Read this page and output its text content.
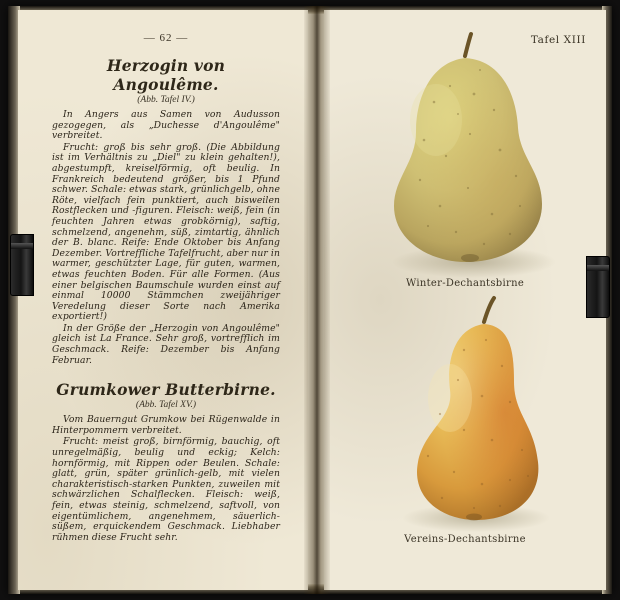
— 62 —
Herzogin von Angoulême.
(Abb. Tafel IV.)

In Angers aus Samen von Audusson gezogegen, als „Duchesse d'Angoulême" verbreitet.

Frucht: groß bis sehr groß. (Die Abbildung ist im Verhältnis zu „Diel" zu klein gehalten!), abgestumpft, kreiselförmig, oft beulig. In Frankreich bedeutend größer, bis 1 Pfund schwer. Schale: etwas stark, grünlichgelb, ohne Röte, vielfach fein punktiert, auch bisweilen Rostflecken und -figuren. Fleisch: weiß, fein (in feuchten Jahren etwas grobkörnig), saftig, schmelzend, angenehm, süß, zimtartig, ähnlich der B. blanc. Reife: Ende Oktober bis Anfang Dezember. Vortreffliche Tafelfrucht, aber nur in warmer, geschützter Lage, für guten, warmen, etwas feuchten Boden. Für alle Formen. (Aus einer belgischen Baumschule wurden einst auf einmal 10000 Stämmchen zweijähriger Veredelung dieser Sorte nach Amerika exportiert!)

In der Größe der „Herzogin von Angoulême" gleich ist La France. Sehr groß, vortrefflich im Geschmack. Reife: Dezember bis Anfang Februar.

Grumkower Butterbirne.
(Abb. Tafel XV.)

Vom Bauerngut Grumkow bei Rügenwalde in Hinterpommern verbreitet.

Frucht: meist groß, birnförmig, bauchig, oft unregelmäßig, beulig und eckig; Kelch: hornförmig, mit Rippen oder Beulen. Schale: glatt, grün, später grünlich-gelb, mit vielen charakteristisch-starken Punkten, zuweilen mit schwärzlichen Schalflecken. Fleisch: weiß, fein, etwas steinig, schmelzend, saftvoll, von eigentümlichem, angenehmem, säuerlich-süßem, erquickendem Geschmack. Liebhaber rühmen diese Frucht sehr.

Tafel XIII
Winter-Dechantsbirne
Vereins-Dechantsbirne
